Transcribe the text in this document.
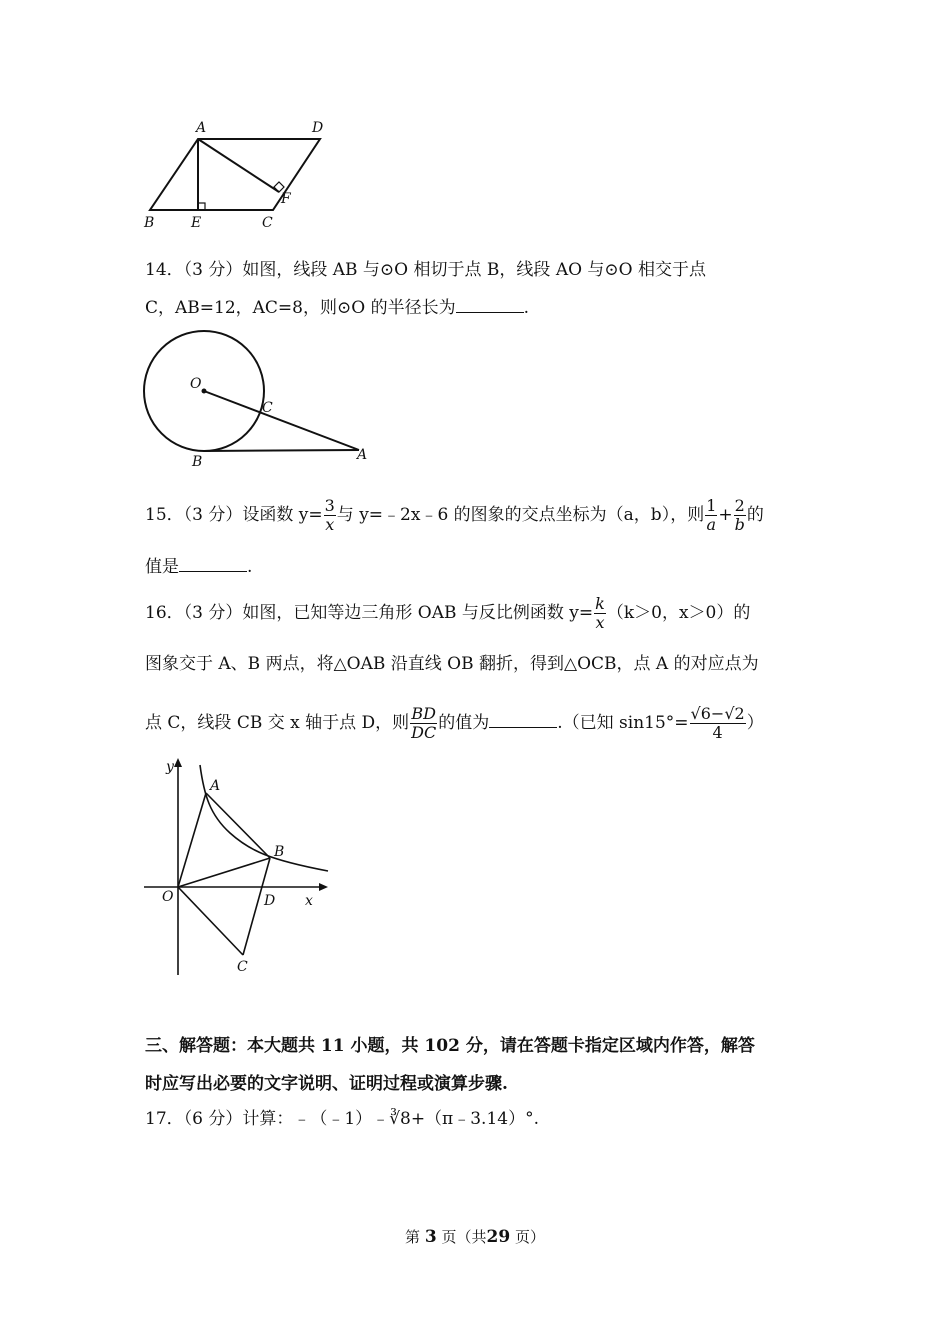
A	D
B	E	C
F
14．（3 分）如图，线段 AB 与⊙O 相切于点 B，线段 AO 与⊙O 相交于点
C，AB=12，AC=8，则⊙O 的半径长为	.
O
C
B	A
15．（3 分）设函数 $y= \frac{3}{x}$ 与 y=﹣2x﹣6 的图象的交点坐标为（a，b），则 $\frac{1}{a} + \frac{2}{b}$ 的
值是	.
16．（3 分）如图，已知等边三角形 OAB 与反比例函数 $y= \frac{k}{x} (k>0$，x＞0）的
图象交于 A、B 两点，将△OAB 沿直线 OB 翻折，得到△OCB，点 A 的对应点为
点 C，线段 CB 交 x 轴于点 D，则 $\frac{BD}{DC}$ 的值为	.（已知 $\sin 15^\circ= \frac{√6-√2}{4}$ ）
y
A
B
O	D x
C
三、解答题：本大题共 11 小题，共 102 分，请在答题卡指定区域内作答，解答
时应写出必要的文字说明、证明过程或演算步骤.
17．（6 分）计算：﹣（﹣1）﹣∛8+（π﹣3.14）°.
第 3 页（共29 页）
